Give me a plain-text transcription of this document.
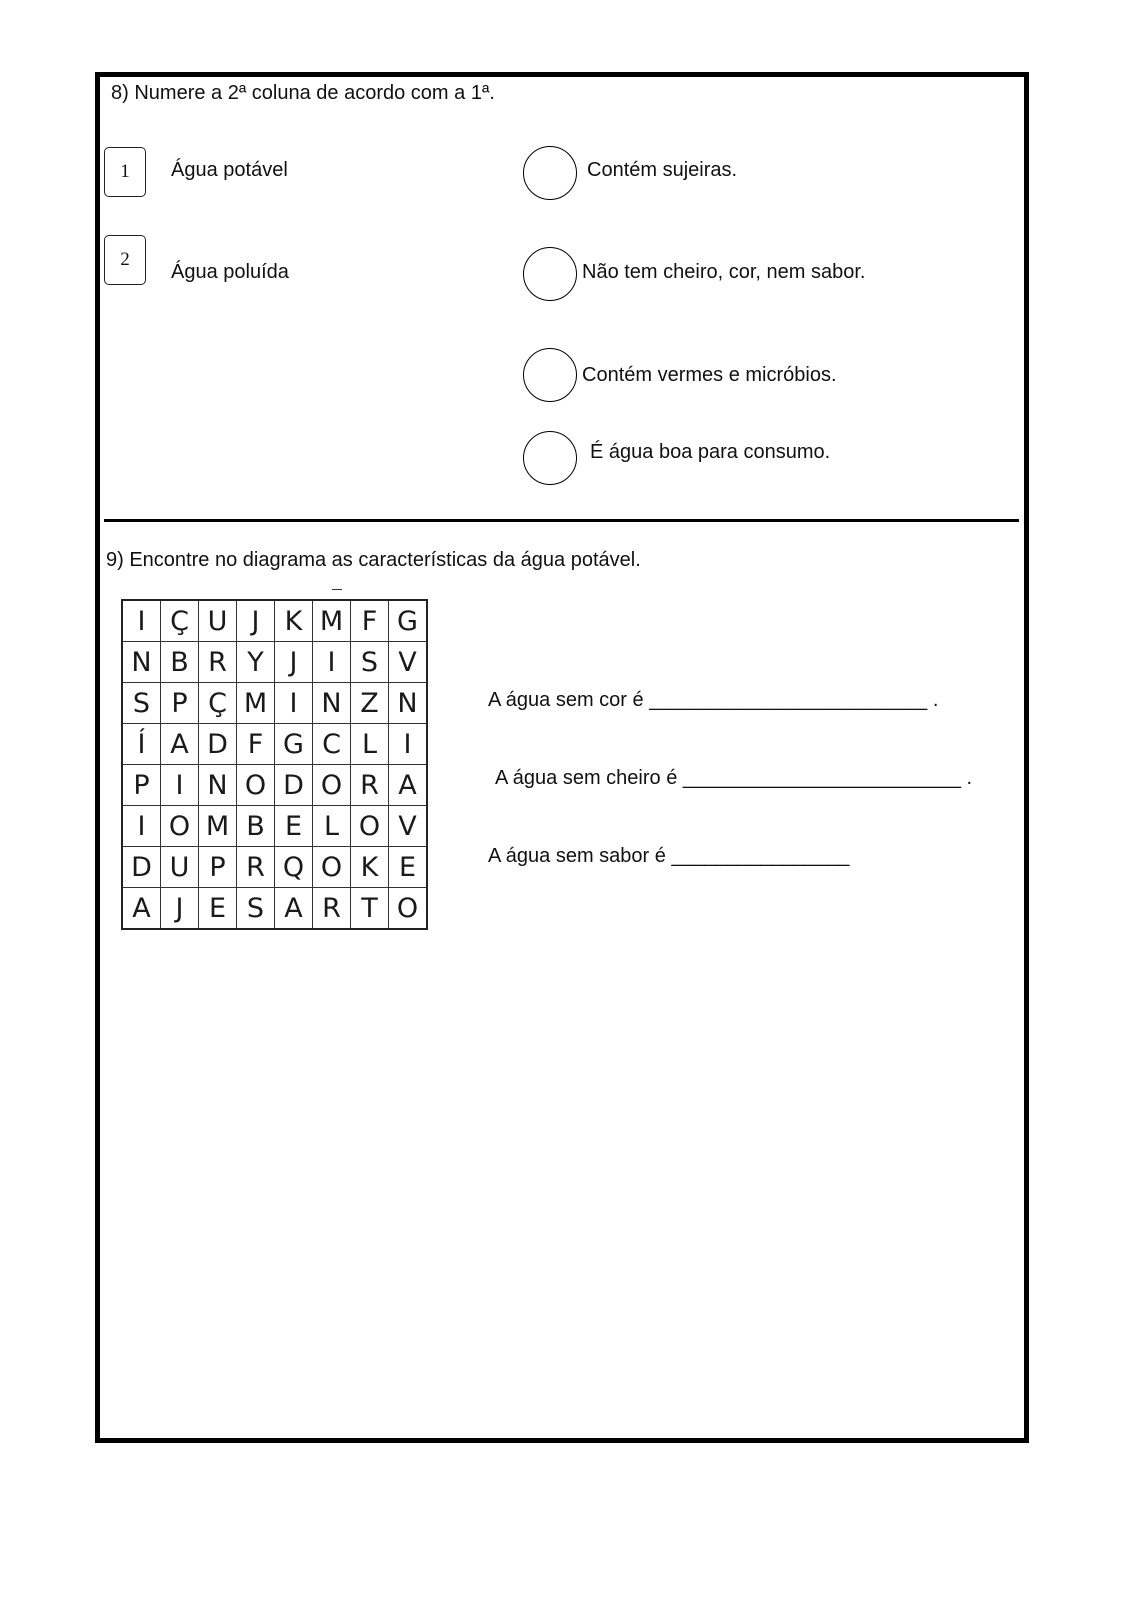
8) Numere a 2ª coluna de acordo com a 1ª.
1	Água potável
2
Água poluída
Contém sujeiras.
Não tem cheiro, cor, nem sabor.
Contém vermes e micróbios.
É água boa para consumo.
9) Encontre no diagrama as características da água potável.
I	Ç	U	J	K	M	F	G
N	B	R	Y	J	I	S	V
S	P	Ç	M	I	N	Z	N
Í	A	D	F	G	C	L	I
P	I	N	O	D	O	R	A
I	O	M	B	E	L	O	V
D	U	P	R	Q	O	K	E
A	J	E	S	A	R	T	O
A água sem cor é _________________________ .
A água sem cheiro é _________________________ .
A água sem sabor é ________________
